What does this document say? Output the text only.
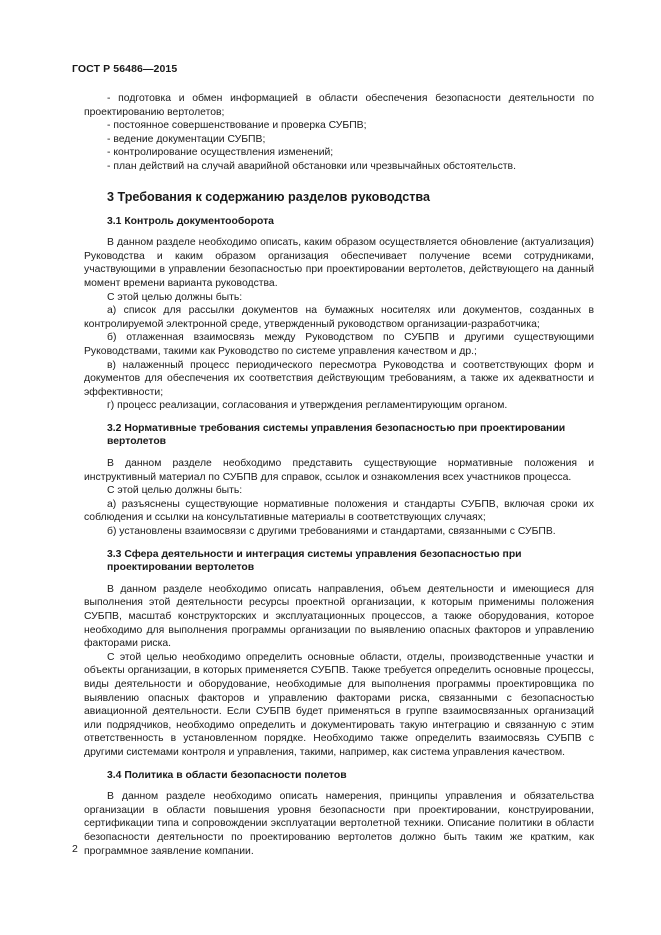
ГОСТ Р 56486—2015

- подготовка и обмен информацией в области обеспечения безопасности деятельности по проектированию вертолетов;

- постоянное совершенствование и проверка СУБПВ;

- ведение документации СУБПВ;

- контролирование осуществления изменений;

- план действий на случай аварийной обстановки или чрезвычайных обстоятельств.

3 Требования к содержанию разделов руководства
3.1 Контроль документооборота

В данном разделе необходимо описать, каким образом осуществляется обновление (актуализация) Руководства и каким образом организация обеспечивает получение всеми сотрудниками, участвующими в управлении безопасностью при проектировании вертолетов, действующего на данный момент времени варианта руководства.

С этой целью должны быть:

а) список для рассылки документов на бумажных носителях или документов, созданных в контролируемой электронной среде, утвержденный руководством организации-разработчика;

б) отлаженная взаимосвязь между Руководством по СУБПВ и другими существующими Руководствами, такими как Руководство по системе управления качеством и др.;

в) налаженный процесс периодического пересмотра Руководства и соответствующих форм и документов для обеспечения их соответствия действующим требованиям, а также их адекватности и эффективности;

г) процесс реализации, согласования и утверждения регламентирующим органом.

3.2 Нормативные требования системы управления безопасностью при проектировании вертолетов

В данном разделе необходимо представить существующие нормативные положения и инструктивный материал по СУБПВ для справок, ссылок и ознакомления всех участников процесса.

С этой целью должны быть:

а) разъяснены существующие нормативные положения и стандарты СУБПВ, включая сроки их соблюдения и ссылки на консультативные материалы в соответствующих случаях;

б) установлены взаимосвязи с другими требованиями и стандартами, связанными с СУБПВ.

3.3 Сфера деятельности и интеграция системы управления безопасностью при проектировании вертолетов

В данном разделе необходимо описать направления, объем деятельности и имеющиеся для выполнения этой деятельности ресурсы проектной организации, к которым применимы положения СУБПВ, масштаб конструкторских и эксплуатационных процессов, а также оборудования, которое необходимо для выполнения программы организации по выявлению опасных факторов и управлению факторами риска.

С этой целью необходимо определить основные области, отделы, производственные участки и объекты организации, в которых применяется СУБПВ. Также требуется определить основные процессы, виды деятельности и оборудование, необходимые для выполнения программы проектировщика по выявлению опасных факторов и управлению факторами риска, связанными с безопасностью авиационной деятельности. Если СУБПВ будет применяться в группе взаимосвязанных организаций или подрядчиков, необходимо определить и документировать такую интеграцию и связанную с этим ответственность в установленном порядке. Необходимо также определить взаимосвязь СУБПВ с другими системами контроля и управления, такими, например, как система управления качеством.

3.4 Политика в области безопасности полетов

В данном разделе необходимо описать намерения, принципы управления и обязательства организации в области повышения уровня безопасности при проектировании, конструировании, сертификации типа и сопровождении эксплуатации вертолетной техники. Описание политики в области безопасности деятельности по проектированию вертолетов должно быть таким же кратким, как программное заявление компании.

2
